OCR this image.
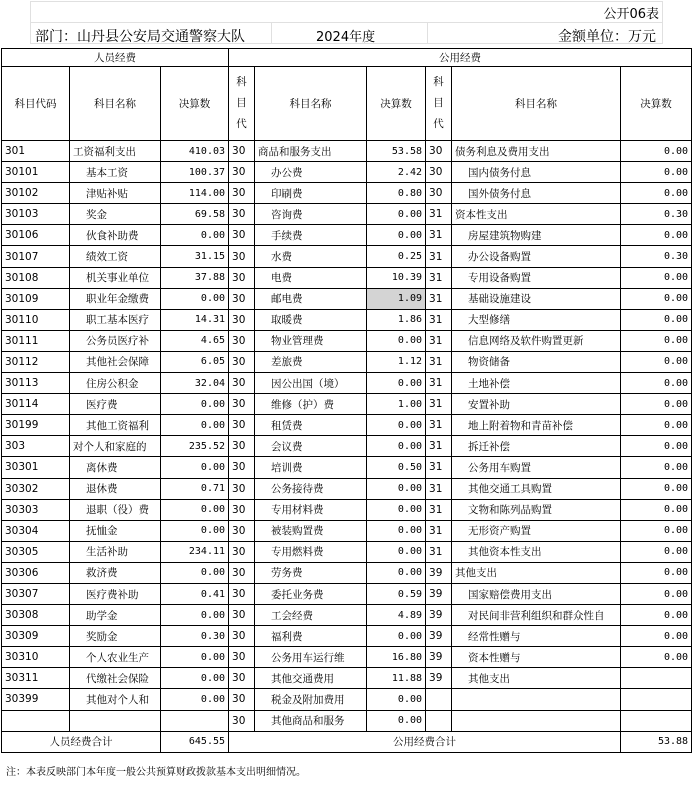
公开06表
部门：山丹县公安局交通警察大队	2024年度	金额单位：万元
人员经费			公用经费					
科目代码	科目名称	决算数	科
目
代	科目名称	决算数	科
目
代	科目名称	决算数
301	工资福利支出	410.03	30	商品和服务支出	53.58	30	债务利息及费用支出	0.00
30101	基本工资	100.37	30	办公费	2.42	30	国内债务付息	0.00
30102	津贴补贴	114.00	30	印刷费	0.80	30	国外债务付息	0.00
30103	奖金	69.58	30	咨询费	0.00	31	资本性支出	0.30
30106	伙食补助费	0.00	30	手续费	0.00	31	房屋建筑物购建	0.00
30107	绩效工资	31.15	30	水费	0.25	31	办公设备购置	0.30
30108	机关事业单位	37.88	30	电费	10.39	31	专用设备购置	0.00
30109	职业年金缴费	0.00	30	邮电费	1.09	31	基础设施建设	0.00
30110	职工基本医疗	14.31	30	取暖费	1.86	31	大型修缮	0.00
30111	公务员医疗补	4.65	30	物业管理费	0.00	31	信息网络及软件购置更新	0.00
30112	其他社会保障	6.05	30	差旅费	1.12	31	物资储备	0.00
30113	住房公积金	32.04	30	因公出国（境）	0.00	31	土地补偿	0.00
30114	医疗费	0.00	30	维修（护）费	1.00	31	安置补助	0.00
30199	其他工资福利	0.00	30	租赁费	0.00	31	地上附着物和青苗补偿	0.00
303	对个人和家庭的	235.52	30	会议费	0.00	31	拆迁补偿	0.00
30301	离休费	0.00	30	培训费	0.50	31	公务用车购置	0.00
30302	退休费	0.71	30	公务接待费	0.00	31	其他交通工具购置	0.00
30303	退职（役）费	0.00	30	专用材料费	0.00	31	文物和陈列品购置	0.00
30304	抚恤金	0.00	30	被装购置费	0.00	31	无形资产购置	0.00
30305	生活补助	234.11	30	专用燃料费	0.00	31	其他资本性支出	0.00
30306	救济费	0.00	30	劳务费	0.00	39	其他支出	0.00
30307	医疗费补助	0.41	30	委托业务费	0.59	39	国家赔偿费用支出	0.00
30308	助学金	0.00	30	工会经费	4.89	39	对民间非营利组织和群众性自	0.00
30309	奖励金	0.30	30	福利费	0.00	39	经常性赠与	0.00
30310	个人农业生产	0.00	30	公务用车运行维	16.80	39	资本性赠与	0.00
30311	代缴社会保险	0.00	30	其他交通费用	11.88	39	其他支出	
30399	其他对个人和	0.00	30	税金及附加费用	0.00			
			30	其他商品和服务	0.00			
人员经费合计		645.55	公用经费合计					53.88
注：本表反映部门本年度一般公共预算财政拨款基本支出明细情况。
